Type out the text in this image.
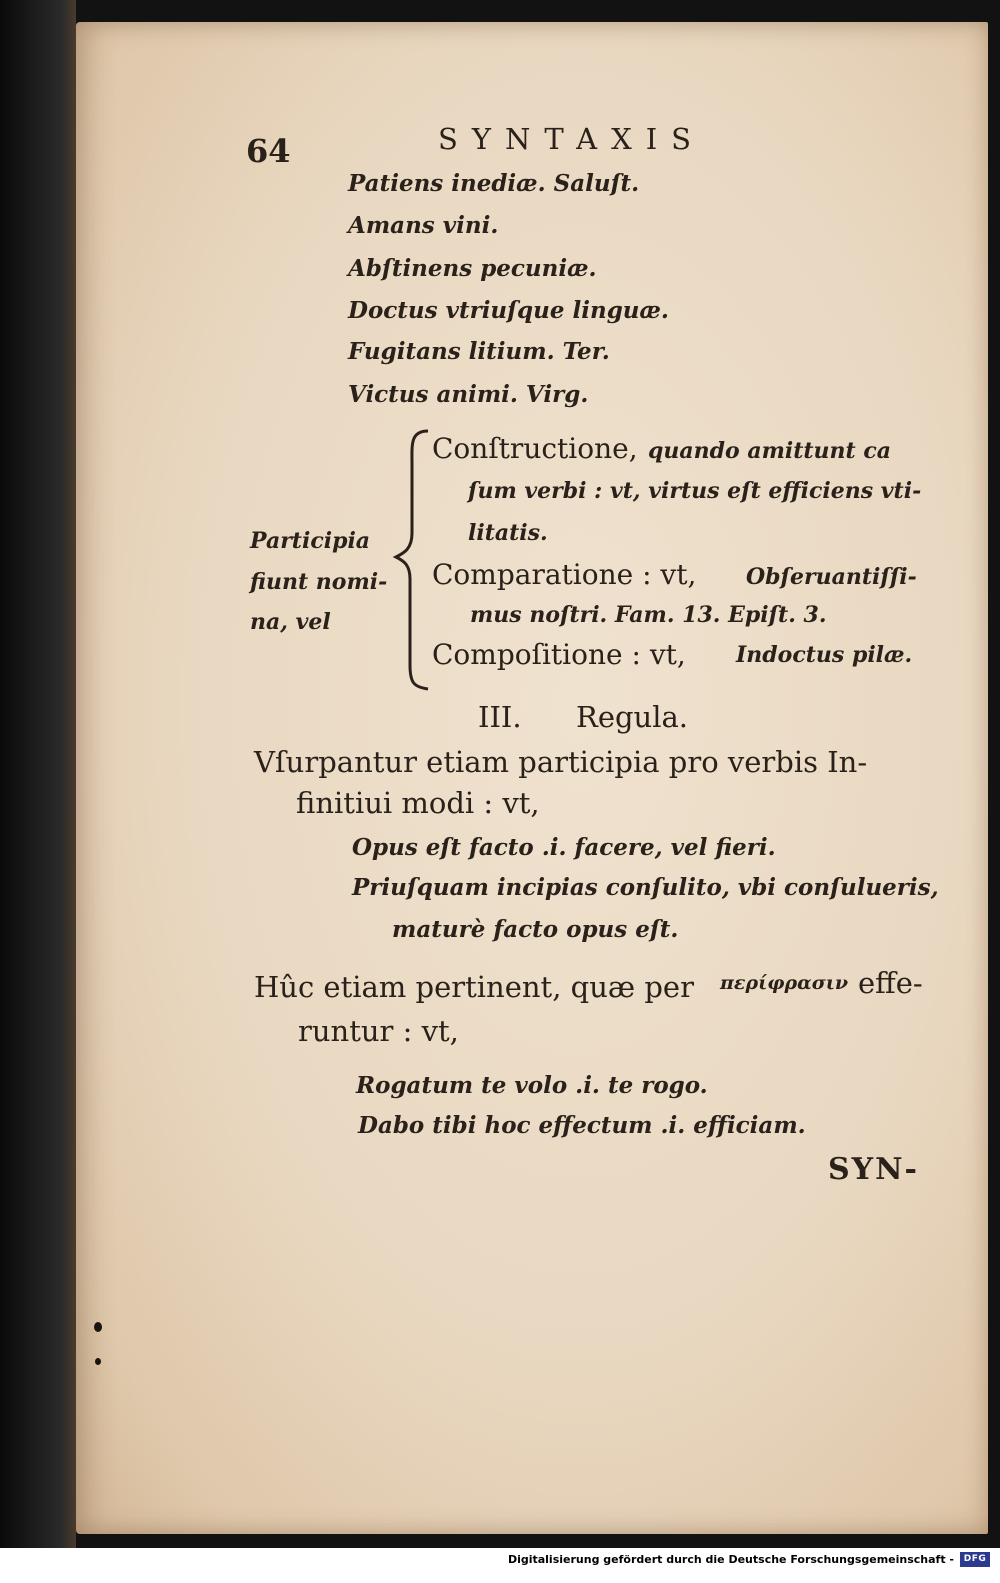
64	SYNTAXIS
Patiens inediæ. Saluſt.
Amans vini.
Abſtinens pecuniæ.
Doctus vtriuſque linguæ.
Fugitans litium. Ter.
Victus animi. Virg.
Participia
fiunt nomi-
na, vel
Conſtructione, quando amittunt ca
ſum verbi : vt, virtus eſt efficiens vti-
litatis.
Comparatione : vt, Obſeruantiſſi-
mus noſtri. Fam. 13. Epiſt. 3.
Compoſitione : vt, Indoctus pilæ.
III. Regula.
Vſurpantur etiam participia pro verbis In-
finitiui modi : vt,
Opus eſt facto .i. facere, vel fieri.
Priuſquam incipias conſulito, vbi conſulueris,
maturè facto opus eſt.
Hûc etiam pertinent, quæ per περίφρασιν effe-
runtur : vt,
Rogatum te volo .i. te rogo.
Dabo tibi hoc effectum .i. efficiam.
SYN-
Digitalisierung gefördert durch die Deutsche Forschungsgemeinschaft -	DFG
